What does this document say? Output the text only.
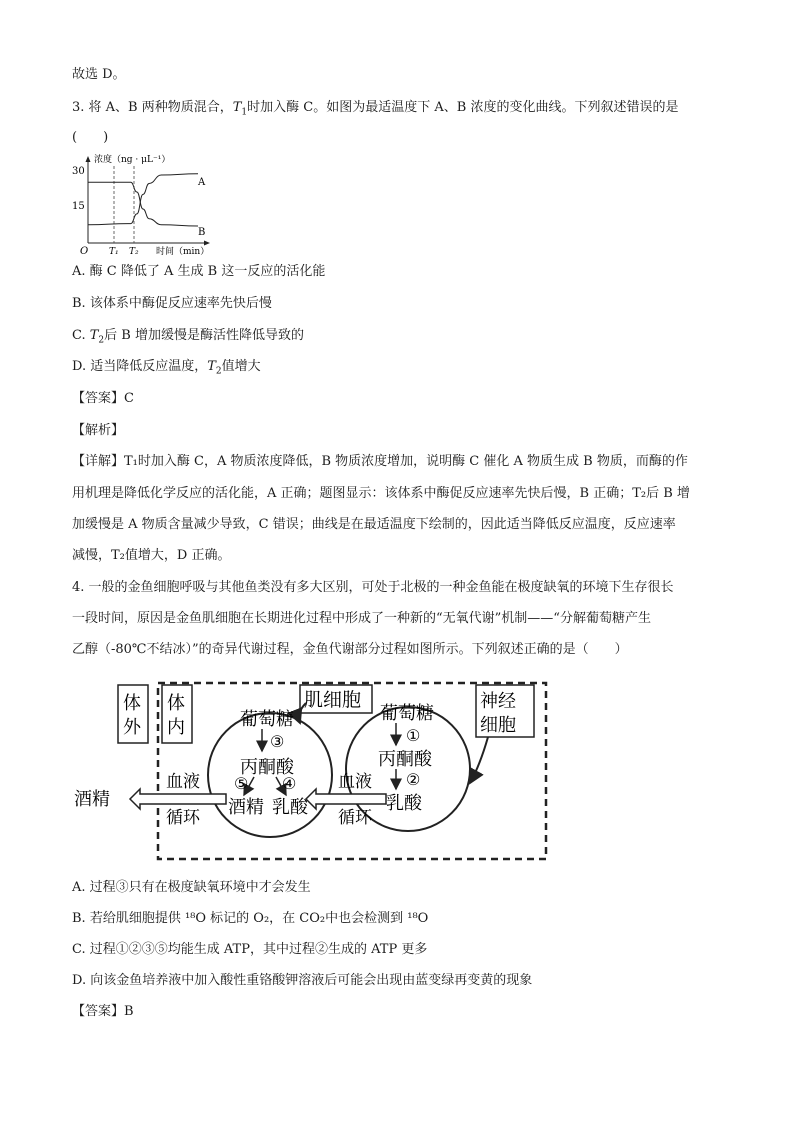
故选 D。
3. 将 A、B 两种物质混合，$T_1$时加入酶 C。如图为最适温度下 A、B 浓度的变化曲线。下列叙述错误的是
(　　)
浓度（ng · μL⁻¹）
30
15
O T₁ T₂ 时间（min）
A
B
A. 酶 C 降低了 A 生成 B 这一反应的活化能
B. 该体系中酶促反应速率先快后慢
C. $T_2$后 B 增加缓慢是酶活性降低导致的
D. 适当降低反应温度，$T_2$值增大
【答案】C
【解析】
【详解】T₁时加入酶 C，A 物质浓度降低，B 物质浓度增加，说明酶 C 催化 A 物质生成 B 物质，而酶的作
用机理是降低化学反应的活化能，A 正确；题图显示：该体系中酶促反应速率先快后慢，B 正确；T₂后 B 增
加缓慢是 A 物质含量减少导致，C 错误；曲线是在最适温度下绘制的，因此适当降低反应温度，反应速率
减慢，T₂值增大，D 正确。
4. 一般的金鱼细胞呼吸与其他鱼类没有多大区别，可处于北极的一种金鱼能在极度缺氧的环境下生存很长
一段时间，原因是金鱼肌细胞在长期进化过程中形成了一种新的“无氧代谢”机制——“分解葡萄糖产生
乙醇（-80℃不结冰）”的奇异代谢过程，金鱼代谢部分过程如图所示。下列叙述正确的是（　　）
体
外
体
内
肌细胞	神经
细胞
葡萄糖
③
丙酮酸
⑤ ④
酒精 乳酸
葡萄糖
①
丙酮酸
②
乳酸
血液
循环
血液
循环
酒精
A. 过程③只有在极度缺氧环境中才会发生
B. 若给肌细胞提供 ¹⁸O 标记的 O₂，在 CO₂中也会检测到 ¹⁸O
C. 过程①②③⑤均能生成 ATP，其中过程②生成的 ATP 更多
D. 向该金鱼培养液中加入酸性重铬酸钾溶液后可能会出现由蓝变绿再变黄的现象
【答案】B
